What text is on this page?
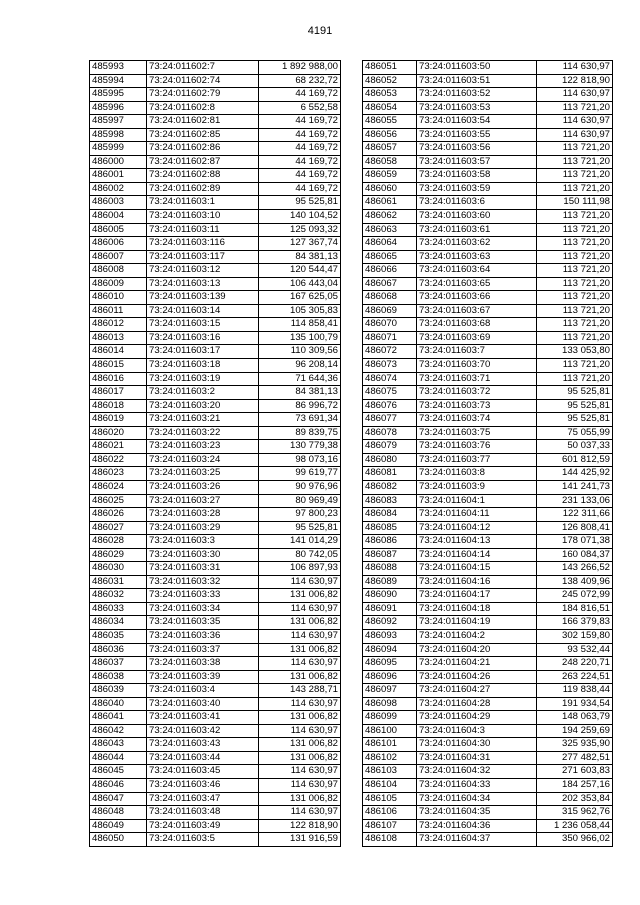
4191
485993	73:24:011602:7	1 892 988,00
485994	73:24:011602:74	68 232,72
485995	73:24:011602:79	44 169,72
485996	73:24:011602:8	6 552,58
485997	73:24:011602:81	44 169,72
485998	73:24:011602:85	44 169,72
485999	73:24:011602:86	44 169,72
486000	73:24:011602:87	44 169,72
486001	73:24:011602:88	44 169,72
486002	73:24:011602:89	44 169,72
486003	73:24:011603:1	95 525,81
486004	73:24:011603:10	140 104,52
486005	73:24:011603:11	125 093,32
486006	73:24:011603:116	127 367,74
486007	73:24:011603:117	84 381,13
486008	73:24:011603:12	120 544,47
486009	73:24:011603:13	106 443,04
486010	73:24:011603:139	167 625,05
486011	73:24:011603:14	105 305,83
486012	73:24:011603:15	114 858,41
486013	73:24:011603:16	135 100,79
486014	73:24:011603:17	110 309,56
486015	73:24:011603:18	96 208,14
486016	73:24:011603:19	71 644,36
486017	73:24:011603:2	84 381,13
486018	73:24:011603:20	86 996,72
486019	73:24:011603:21	73 691,34
486020	73:24:011603:22	89 839,75
486021	73:24:011603:23	130 779,38
486022	73:24:011603:24	98 073,16
486023	73:24:011603:25	99 619,77
486024	73:24:011603:26	90 976,96
486025	73:24:011603:27	80 969,49
486026	73:24:011603:28	97 800,23
486027	73:24:011603:29	95 525,81
486028	73:24:011603:3	141 014,29
486029	73:24:011603:30	80 742,05
486030	73:24:011603:31	106 897,93
486031	73:24:011603:32	114 630,97
486032	73:24:011603:33	131 006,82
486033	73:24:011603:34	114 630,97
486034	73:24:011603:35	131 006,82
486035	73:24:011603:36	114 630,97
486036	73:24:011603:37	131 006,82
486037	73:24:011603:38	114 630,97
486038	73:24:011603:39	131 006,82
486039	73:24:011603:4	143 288,71
486040	73:24:011603:40	114 630,97
486041	73:24:011603:41	131 006,82
486042	73:24:011603:42	114 630,97
486043	73:24:011603:43	131 006,82
486044	73:24:011603:44	131 006,82
486045	73:24:011603:45	114 630,97
486046	73:24:011603:46	114 630,97
486047	73:24:011603:47	131 006,82
486048	73:24:011603:48	114 630,97
486049	73:24:011603:49	122 818,90
486050	73:24:011603:5	131 916,59
486051	73:24:011603:50	114 630,97
486052	73:24:011603:51	122 818,90
486053	73:24:011603:52	114 630,97
486054	73:24:011603:53	113 721,20
486055	73:24:011603:54	114 630,97
486056	73:24:011603:55	114 630,97
486057	73:24:011603:56	113 721,20
486058	73:24:011603:57	113 721,20
486059	73:24:011603:58	113 721,20
486060	73:24:011603:59	113 721,20
486061	73:24:011603:6	150 111,98
486062	73:24:011603:60	113 721,20
486063	73:24:011603:61	113 721,20
486064	73:24:011603:62	113 721,20
486065	73:24:011603:63	113 721,20
486066	73:24:011603:64	113 721,20
486067	73:24:011603:65	113 721,20
486068	73:24:011603:66	113 721,20
486069	73:24:011603:67	113 721,20
486070	73:24:011603:68	113 721,20
486071	73:24:011603:69	113 721,20
486072	73:24:011603:7	133 053,80
486073	73:24:011603:70	113 721,20
486074	73:24:011603:71	113 721,20
486075	73:24:011603:72	95 525,81
486076	73:24:011603:73	95 525,81
486077	73:24:011603:74	95 525,81
486078	73:24:011603:75	75 055,99
486079	73:24:011603:76	50 037,33
486080	73:24:011603:77	601 812,59
486081	73:24:011603:8	144 425,92
486082	73:24:011603:9	141 241,73
486083	73:24:011604:1	231 133,06
486084	73:24:011604:11	122 311,66
486085	73:24:011604:12	126 808,41
486086	73:24:011604:13	178 071,38
486087	73:24:011604:14	160 084,37
486088	73:24:011604:15	143 266,52
486089	73:24:011604:16	138 409,96
486090	73:24:011604:17	245 072,99
486091	73:24:011604:18	184 816,51
486092	73:24:011604:19	166 379,83
486093	73:24:011604:2	302 159,80
486094	73:24:011604:20	93 532,44
486095	73:24:011604:21	248 220,71
486096	73:24:011604:26	263 224,51
486097	73:24:011604:27	119 838,44
486098	73:24:011604:28	191 934,54
486099	73:24:011604:29	148 063,79
486100	73:24:011604:3	194 259,69
486101	73:24:011604:30	325 935,90
486102	73:24:011604:31	277 482,51
486103	73:24:011604:32	271 603,83
486104	73:24:011604:33	184 257,16
486105	73:24:011604:34	202 353,84
486106	73:24:011604:35	315 962,76
486107	73:24:011604:36	1 236 058,44
486108	73:24:011604:37	350 966,02
